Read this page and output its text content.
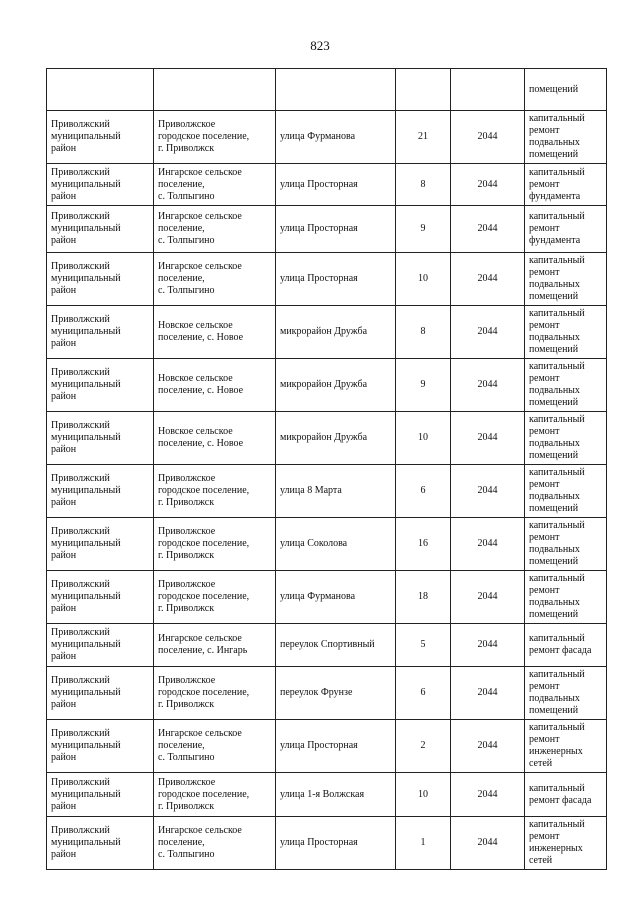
823

					помещений

Приволжский
муниципальный
район	Приволжское
городское поселение,
г. Приволжск	улица Фурманова	21	2044	капитальный
ремонт
подвальных
помещений

Приволжский
муниципальный
район	Ингарское сельское
поселение,
с. Толпыгино	улица Просторная	8	2044	капитальный
ремонт
фундамента

Приволжский
муниципальный
район	Ингарское сельское
поселение,
с. Толпыгино	улица Просторная	9	2044	капитальный
ремонт
фундамента

Приволжский
муниципальный
район	Ингарское сельское
поселение,
с. Толпыгино	улица Просторная	10	2044	капитальный
ремонт
подвальных
помещений

Приволжский
муниципальный
район	Новское сельское
поселение, с. Новое	микрорайон Дружба	8	2044	капитальный
ремонт
подвальных
помещений

Приволжский
муниципальный
район	Новское сельское
поселение, с. Новое	микрорайон Дружба	9	2044	капитальный
ремонт
подвальных
помещений

Приволжский
муниципальный
район	Новское сельское
поселение, с. Новое	микрорайон Дружба	10	2044	капитальный
ремонт
подвальных
помещений

Приволжский
муниципальный
район	Приволжское
городское поселение,
г. Приволжск	улица 8 Марта	6	2044	капитальный
ремонт
подвальных
помещений

Приволжский
муниципальный
район	Приволжское
городское поселение,
г. Приволжск	улица Соколова	16	2044	капитальный
ремонт
подвальных
помещений

Приволжский
муниципальный
район	Приволжское
городское поселение,
г. Приволжск	улица Фурманова	18	2044	капитальный
ремонт
подвальных
помещений

Приволжский
муниципальный
район	Ингарское сельское
поселение, с. Ингарь	переулок Спортивный	5	2044	капитальный
ремонт фасада

Приволжский
муниципальный
район	Приволжское
городское поселение,
г. Приволжск	переулок Фрунзе	6	2044	капитальный
ремонт
подвальных
помещений

Приволжский
муниципальный
район	Ингарское сельское
поселение,
с. Толпыгино	улица Просторная	2	2044	капитальный
ремонт
инженерных
сетей

Приволжский
муниципальный
район	Приволжское
городское поселение,
г. Приволжск	улица 1-я Волжская	10	2044	капитальный
ремонт фасада

Приволжский
муниципальный
район	Ингарское сельское
поселение,
с. Толпыгино	улица Просторная	1	2044	капитальный
ремонт
инженерных
сетей
